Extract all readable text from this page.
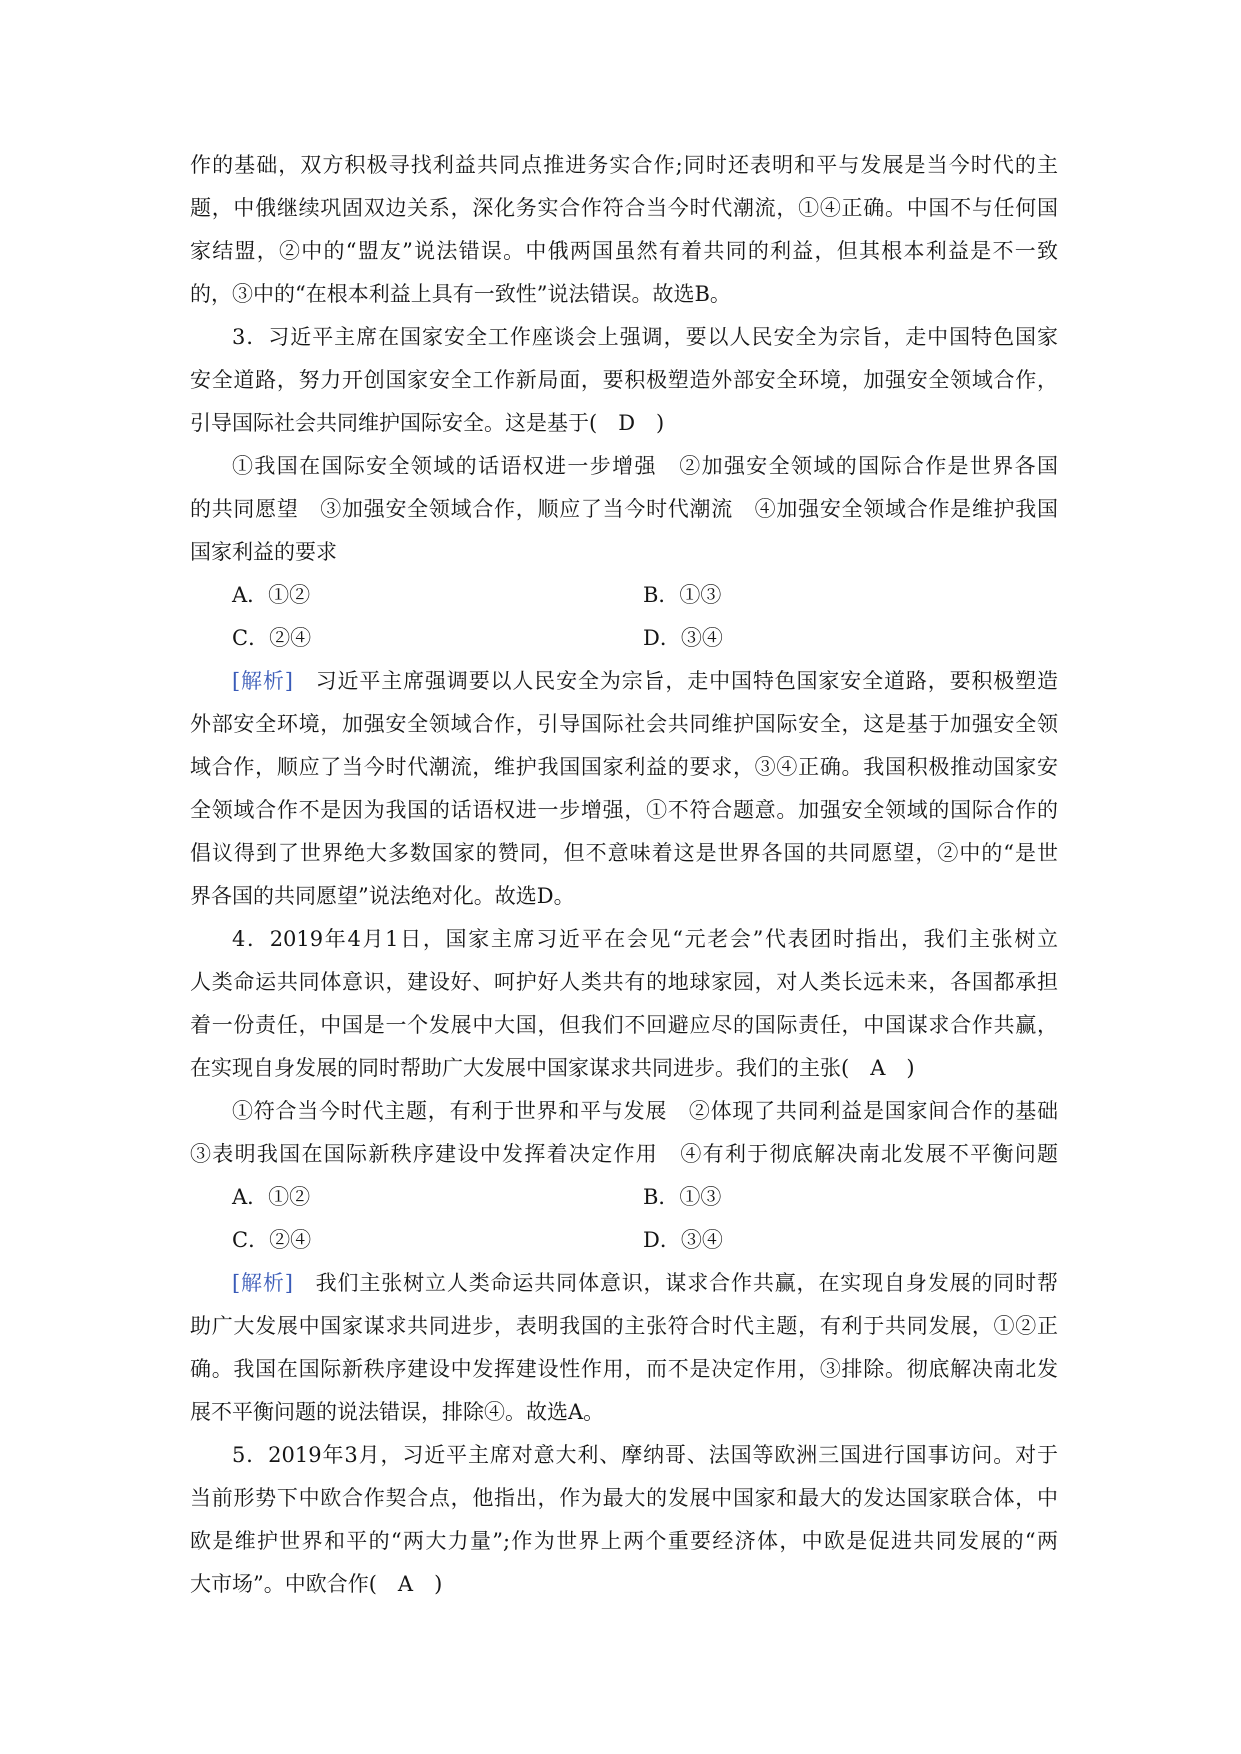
作的基础，双方积极寻找利益共同点推进务实合作;同时还表明和平与发展是当今时代的主
题，中俄继续巩固双边关系，深化务实合作符合当今时代潮流，①④正确。中国不与任何国
家结盟，②中的“盟友”说法错误。中俄两国虽然有着共同的利益，但其根本利益是不一致
的，③中的“在根本利益上具有一致性”说法错误。故选B。
3．习近平主席在国家安全工作座谈会上强调，要以人民安全为宗旨，走中国特色国家
安全道路，努力开创国家安全工作新局面，要积极塑造外部安全环境，加强安全领域合作，
引导国际社会共同维护国际安全。这是基于(　D　)
①我国在国际安全领域的话语权进一步增强　②加强安全领域的国际合作是世界各国
的共同愿望　③加强安全领域合作，顺应了当今时代潮流　④加强安全领域合作是维护我国
国家利益的要求
A．①②	B．①③
C．②④	D．③④
[解析]　习近平主席强调要以人民安全为宗旨，走中国特色国家安全道路，要积极塑造
外部安全环境，加强安全领域合作，引导国际社会共同维护国际安全，这是基于加强安全领
域合作，顺应了当今时代潮流，维护我国国家利益的要求，③④正确。我国积极推动国家安
全领域合作不是因为我国的话语权进一步增强，①不符合题意。加强安全领域的国际合作的
倡议得到了世界绝大多数国家的赞同，但不意味着这是世界各国的共同愿望，②中的“是世
界各国的共同愿望”说法绝对化。故选D。
4．2019年4月1日，国家主席习近平在会见“元老会”代表团时指出，我们主张树立
人类命运共同体意识，建设好、呵护好人类共有的地球家园，对人类长远未来，各国都承担
着一份责任，中国是一个发展中大国，但我们不回避应尽的国际责任，中国谋求合作共赢，
在实现自身发展的同时帮助广大发展中国家谋求共同进步。我们的主张(　A　)
①符合当今时代主题，有利于世界和平与发展　②体现了共同利益是国家间合作的基础
③表明我国在国际新秩序建设中发挥着决定作用　④有利于彻底解决南北发展不平衡问题
A．①②	B．①③
C．②④	D．③④
[解析]　我们主张树立人类命运共同体意识，谋求合作共赢，在实现自身发展的同时帮
助广大发展中国家谋求共同进步，表明我国的主张符合时代主题，有利于共同发展，①②正
确。我国在国际新秩序建设中发挥建设性作用，而不是决定作用，③排除。彻底解决南北发
展不平衡问题的说法错误，排除④。故选A。
5．2019年3月，习近平主席对意大利、摩纳哥、法国等欧洲三国进行国事访问。对于
当前形势下中欧合作契合点，他指出，作为最大的发展中国家和最大的发达国家联合体，中
欧是维护世界和平的“两大力量”;作为世界上两个重要经济体，中欧是促进共同发展的“两
大市场”。中欧合作(　A　)
